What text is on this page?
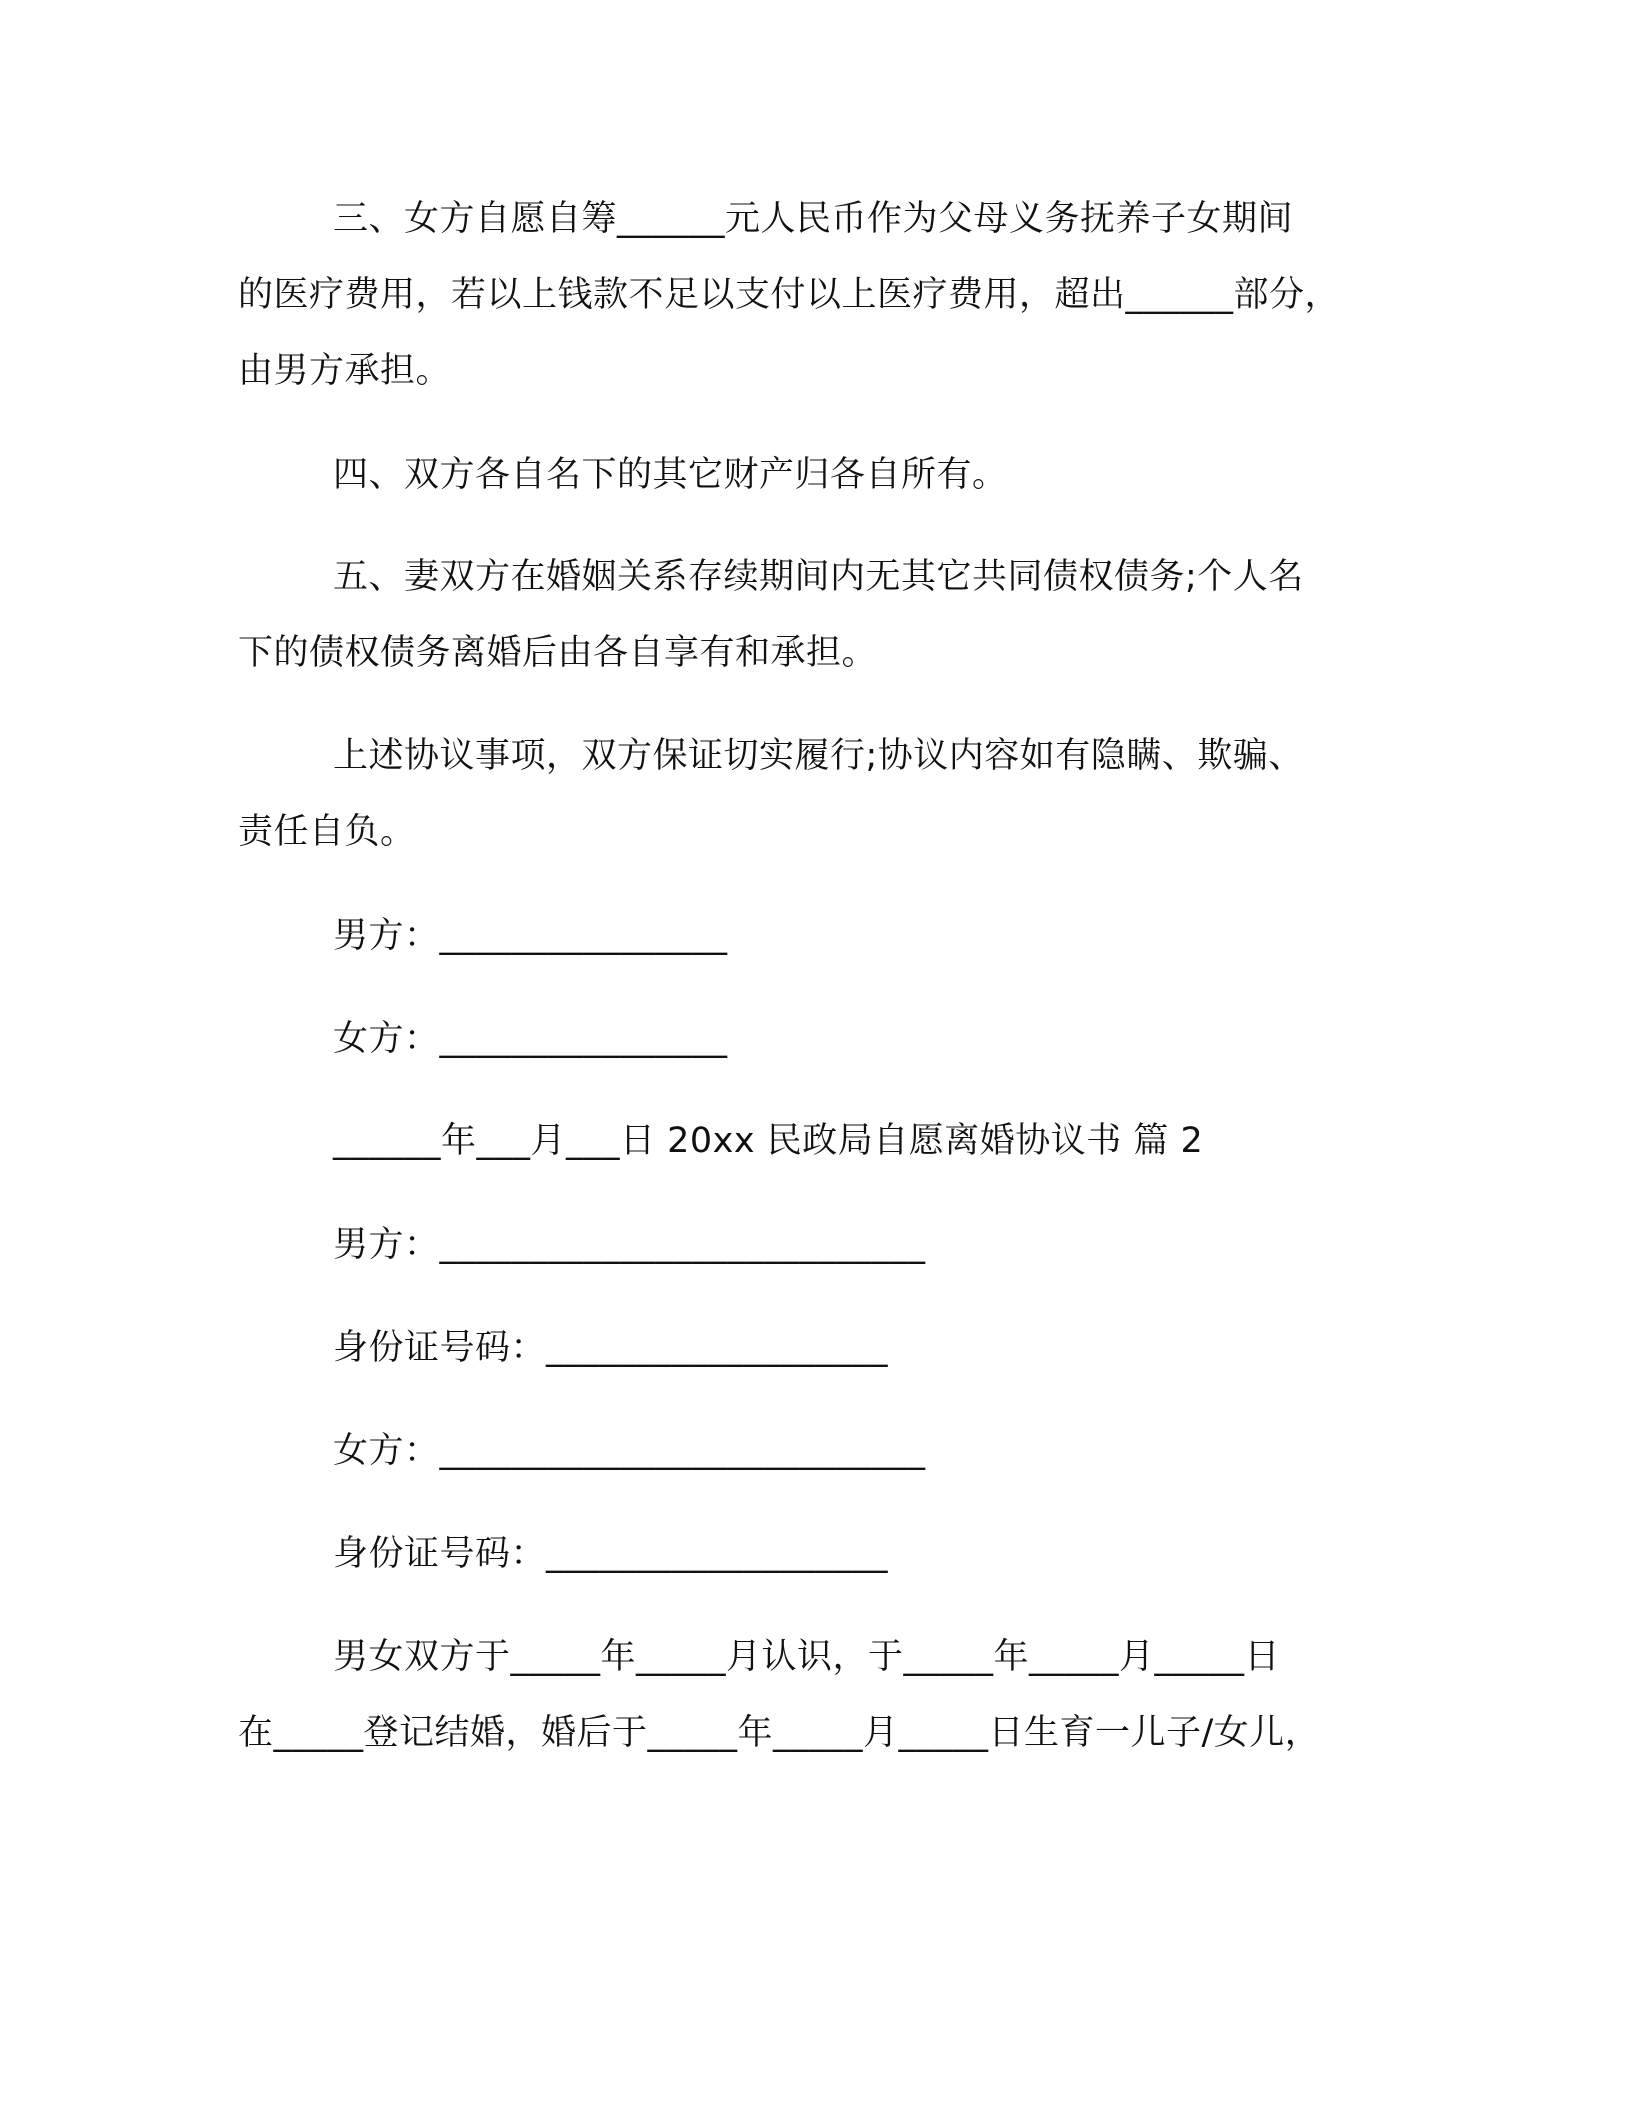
三、女方自愿自筹______元人民币作为父母义务抚养子女期间
的医疗费用，若以上钱款不足以支付以上医疗费用，超出______部分，
由男方承担。
四、双方各自名下的其它财产归各自所有。
五、妻双方在婚姻关系存续期间内无其它共同债权债务;个人名
下的债权债务离婚后由各自享有和承担。
上述协议事项，双方保证切实履行;协议内容如有隐瞒、欺骗、
责任自负。
男方：________________
女方：________________
______年___月___日 20xx 民政局自愿离婚协议书 篇 2
男方：___________________________
身份证号码：___________________
女方：___________________________
身份证号码：___________________
男女双方于_____年_____月认识，于_____年_____月_____日
在_____登记结婚，婚后于_____年_____月_____日生育一儿子/女儿，
